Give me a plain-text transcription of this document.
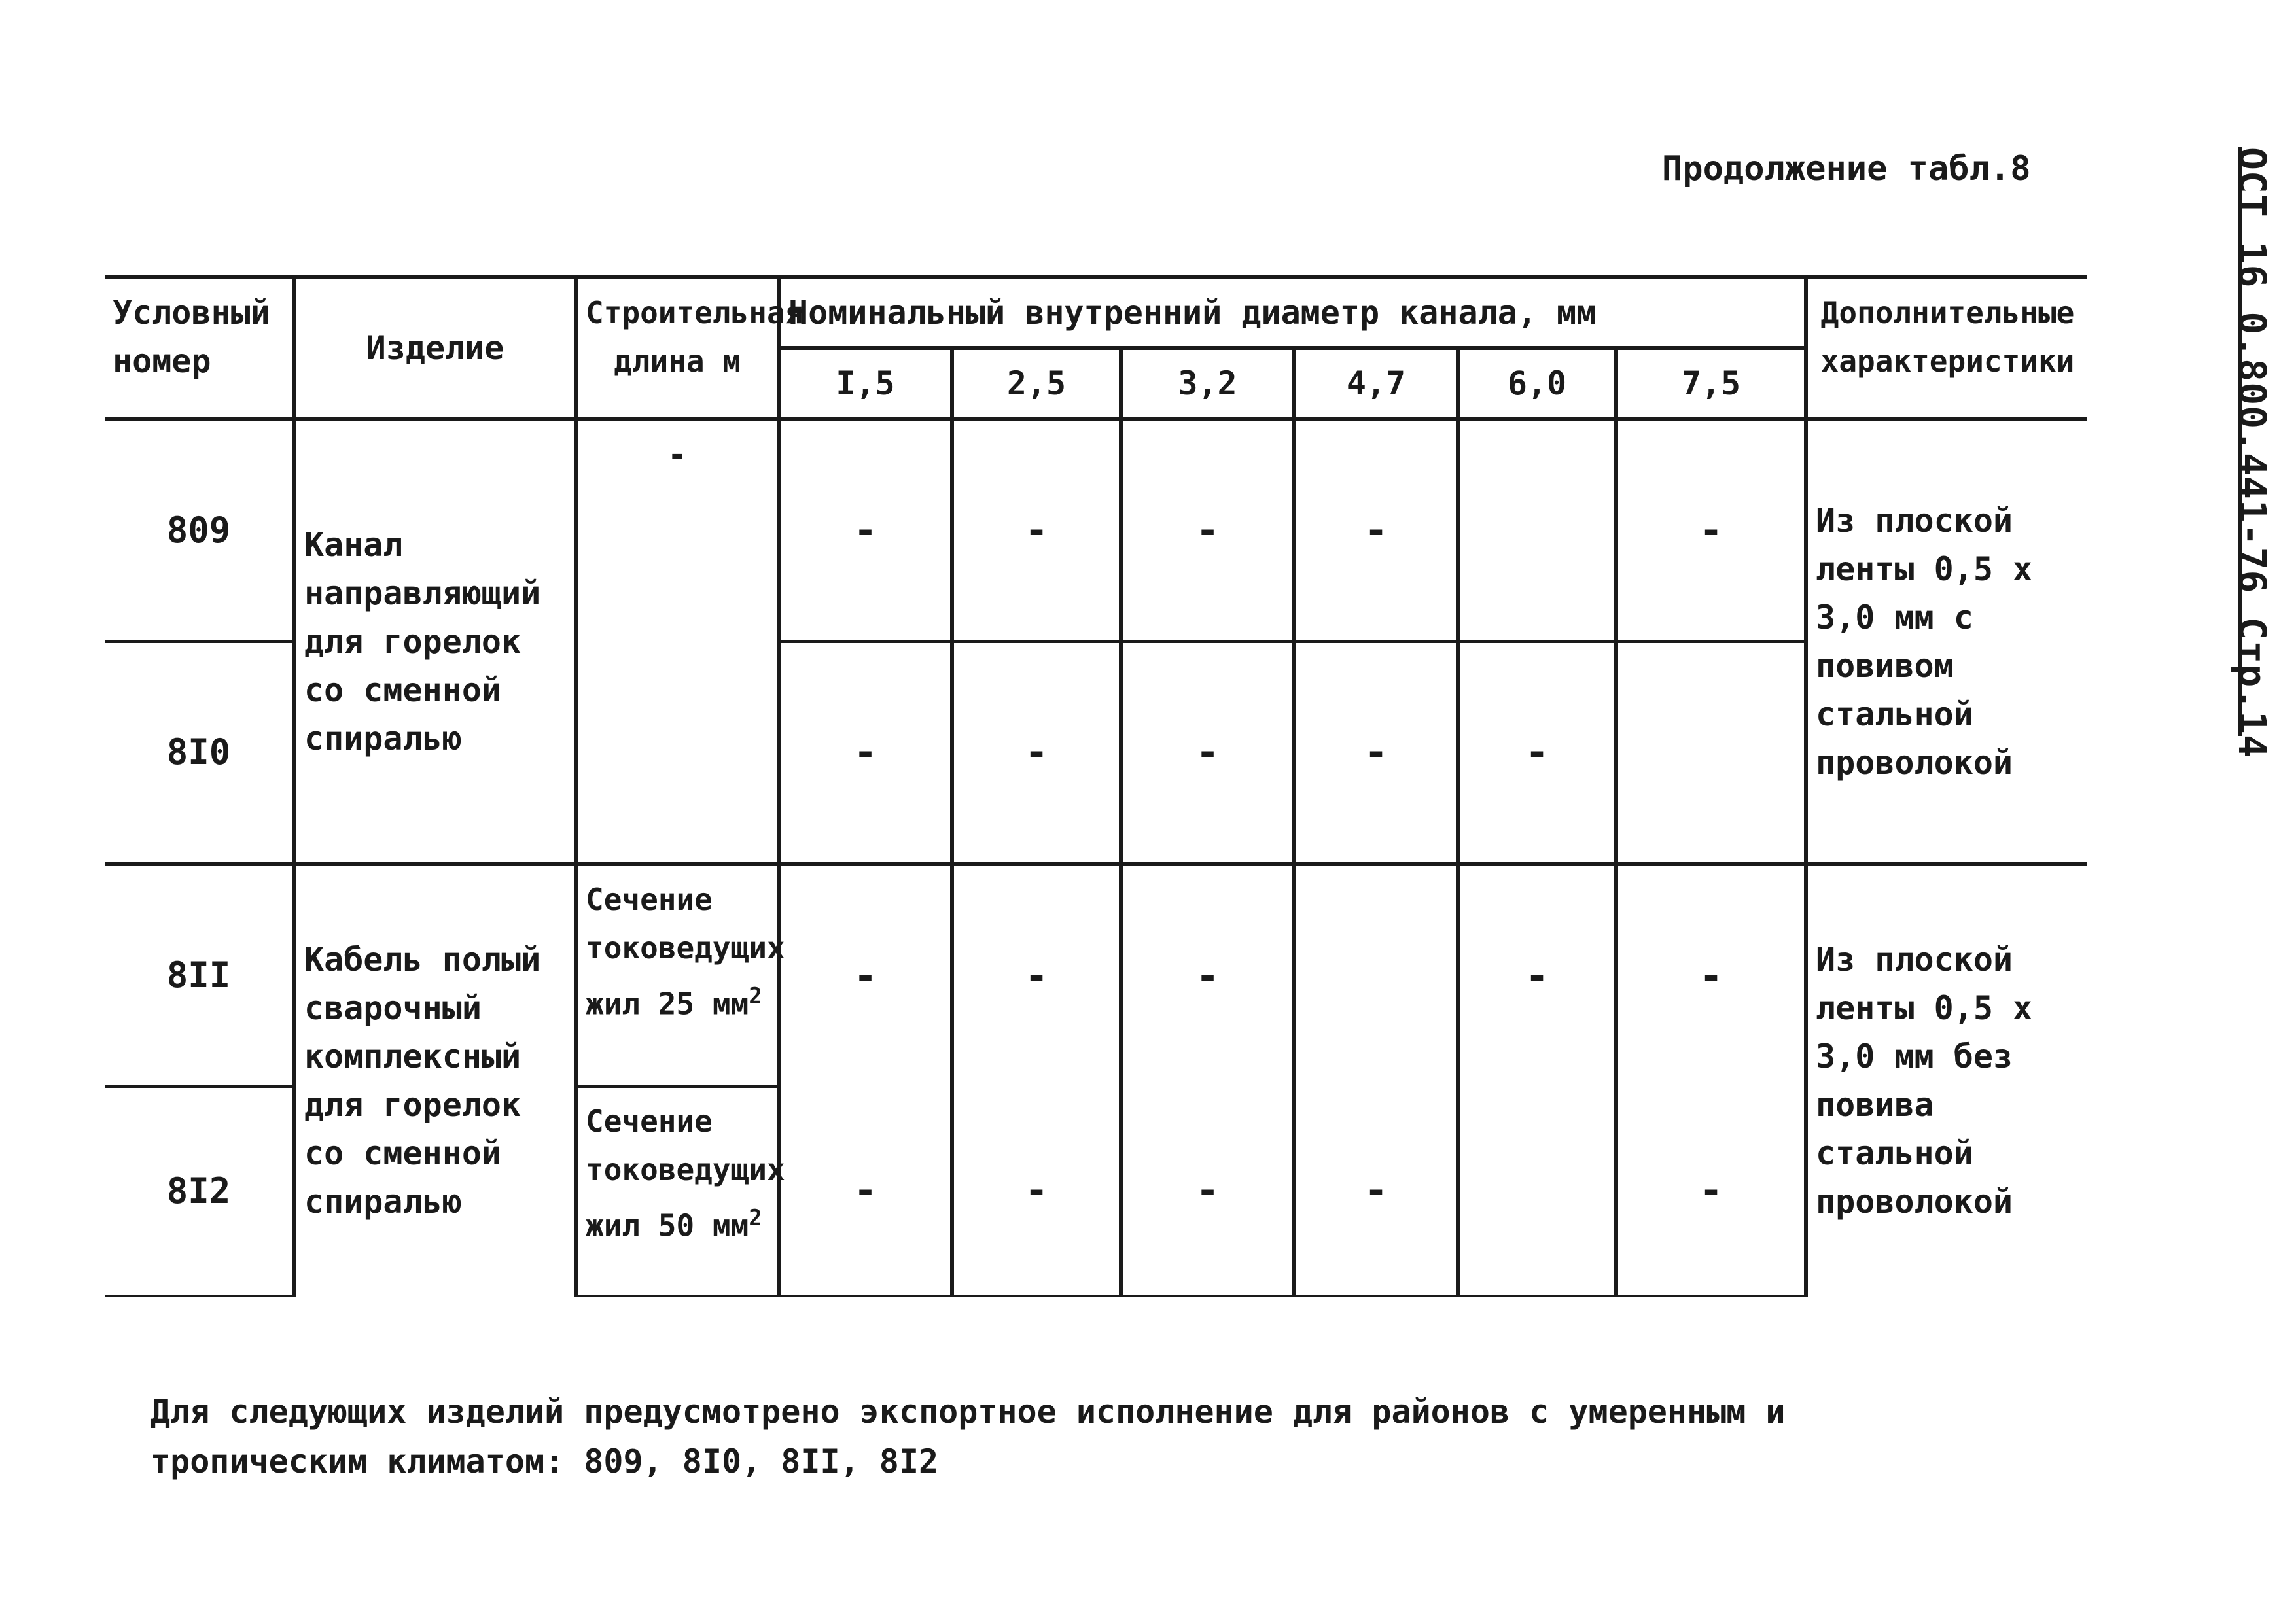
Продолжение табл.8	ОСТ 16 0.800.441-76 Стр.14
Условный номер	Изделие	Строительная длина м	Номинальный внутренний диаметр канала, мм						Дополнительные характеристики
			I,5	2,5	3,2	4,7	6,0	7,5	
809	Канал направляющий для горелок со сменной спиралью	-	-	-	-	-		-	Из плоской ленты 0,5 х 3,0 мм с повивом стальной проволокой
8I0			-	-	-	-	-		
8II	Кабель полый сварочный комплексный для горелок со сменной спиралью	Сечение токоведущих жил 25 $мм^2$	-	-	-		-	-	Из плоской ленты 0,5 х 3,0 мм без повива стальной проволокой
8I2		Сечение токоведущих жил 50 $мм^2$	-	-	-	-		-	
Для следующих изделий предусмотрено экспортное исполнение для районов с умеренным и тропическим климатом: 809, 8I0, 8II, 8I2
